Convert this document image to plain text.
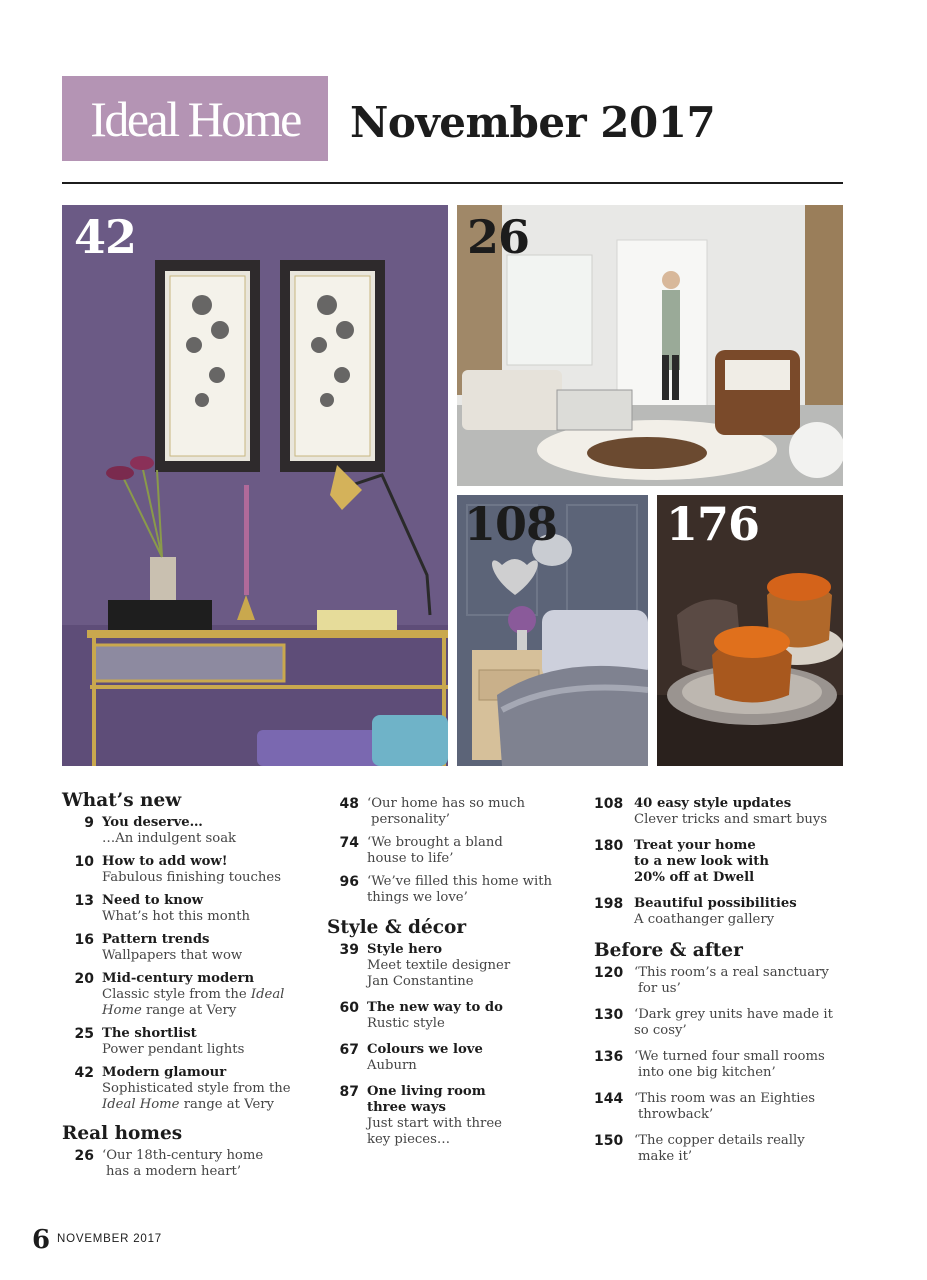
Ideal Home November 2017
42	26
108 176
What’s new
9 You deserve…
…An indulgent soak
10 How to add wow!
Fabulous finishing touches
13 Need to know
What’s hot this month
16 Pattern trends
Wallpapers that wow
20 Mid-century modern
Classic style from the Ideal
Home range at Very
25 The shortlist
Power pendant lights
42 Modern glamour
Sophisticated style from the
Ideal Home range at Very
Real homes
26 ‘Our 18th-century home
has a modern heart’
48 ‘Our home has so much
personality’
74 ‘We brought a bland
house to life’
96 ‘We’ve filled this home with
things we love’
Style & décor
39 Style hero
Meet textile designer
Jan Constantine
60 The new way to do
Rustic style
67 Colours we love
Auburn
87 One living room
three ways
Just start with three
key pieces…
108 40 easy style updates
Clever tricks and smart buys
180 Treat your home
to a new look with
20% off at Dwell
198 Beautiful possibilities
A coathanger gallery
Before & after
120 ‘This room’s a real sanctuary
for us’
130 ‘Dark grey units have made it
so cosy’
136 ‘We turned four small rooms
into one big kitchen’
144 ‘This room was an Eighties
throwback’
150 ‘The copper details really
make it’
6 NOVEMBER 2017
